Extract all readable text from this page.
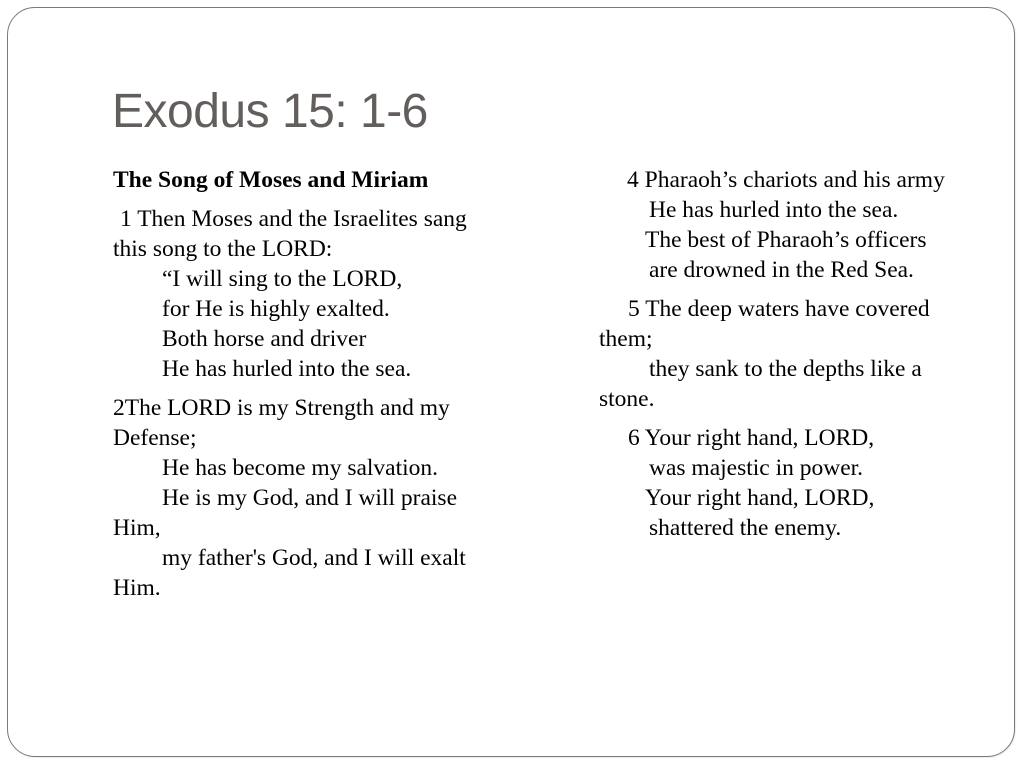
Exodus 15: 1-6

The Song of Moses and Miriam

1 Then Moses and the Israelites sang this song to the LORD:
“I will sing to the LORD,
for He is highly exalted.
Both horse and driver
He has hurled into the sea.
2The LORD is my Strength and my Defense;
He has become my salvation.
He is my God, and I will praise Him,
my father's God, and I will exalt Him.
4 Pharaoh’s chariots and his army
He has hurled into the sea.
The best of Pharaoh’s officers
are drowned in the Red Sea.
5 The deep waters have covered them;
they sank to the depths like a stone.
6 Your right hand, LORD,
was majestic in power.
Your right hand, LORD,
shattered the enemy.
